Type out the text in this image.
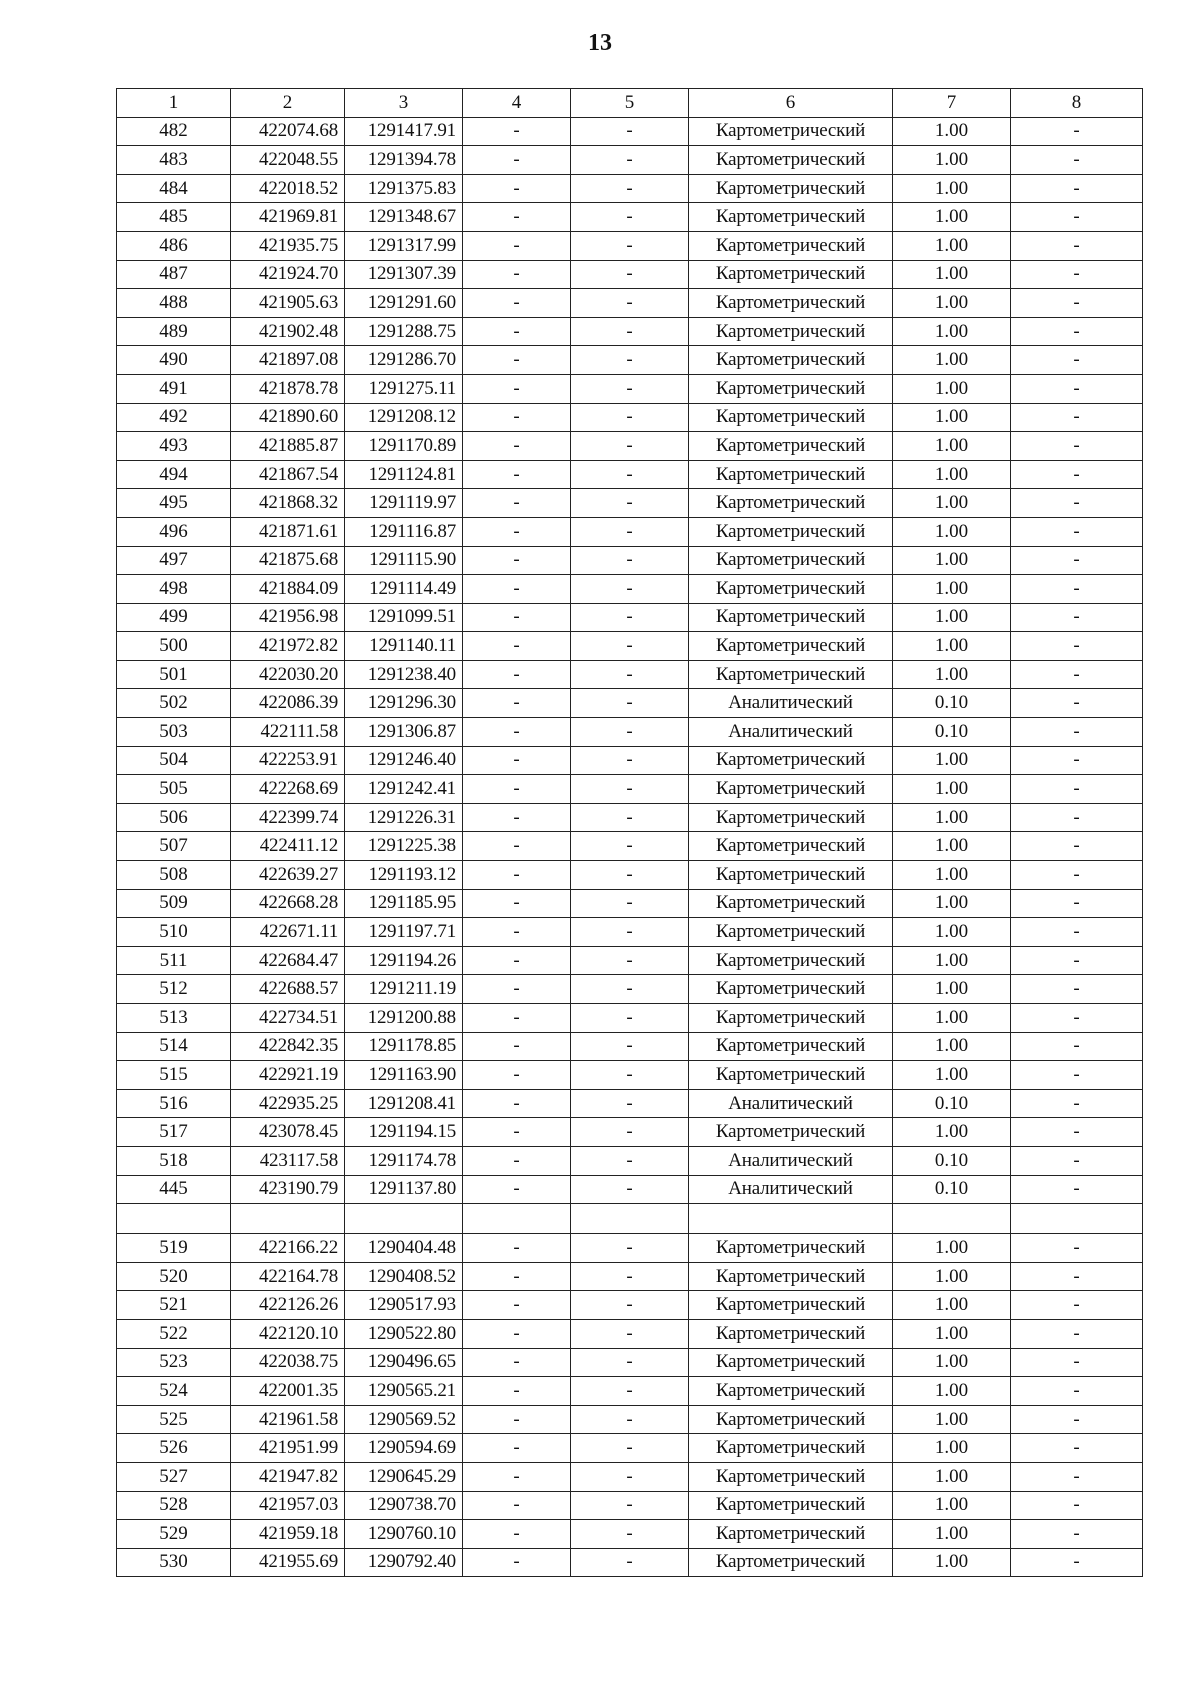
13
1	2	3	4	5	6	7	8
482	422074.68	1291417.91	-	-	Картометрический	1.00	-
483	422048.55	1291394.78	-	-	Картометрический	1.00	-
484	422018.52	1291375.83	-	-	Картометрический	1.00	-
485	421969.81	1291348.67	-	-	Картометрический	1.00	-
486	421935.75	1291317.99	-	-	Картометрический	1.00	-
487	421924.70	1291307.39	-	-	Картометрический	1.00	-
488	421905.63	1291291.60	-	-	Картометрический	1.00	-
489	421902.48	1291288.75	-	-	Картометрический	1.00	-
490	421897.08	1291286.70	-	-	Картометрический	1.00	-
491	421878.78	1291275.11	-	-	Картометрический	1.00	-
492	421890.60	1291208.12	-	-	Картометрический	1.00	-
493	421885.87	1291170.89	-	-	Картометрический	1.00	-
494	421867.54	1291124.81	-	-	Картометрический	1.00	-
495	421868.32	1291119.97	-	-	Картометрический	1.00	-
496	421871.61	1291116.87	-	-	Картометрический	1.00	-
497	421875.68	1291115.90	-	-	Картометрический	1.00	-
498	421884.09	1291114.49	-	-	Картометрический	1.00	-
499	421956.98	1291099.51	-	-	Картометрический	1.00	-
500	421972.82	1291140.11	-	-	Картометрический	1.00	-
501	422030.20	1291238.40	-	-	Картометрический	1.00	-
502	422086.39	1291296.30	-	-	Аналитический	0.10	-
503	422111.58	1291306.87	-	-	Аналитический	0.10	-
504	422253.91	1291246.40	-	-	Картометрический	1.00	-
505	422268.69	1291242.41	-	-	Картометрический	1.00	-
506	422399.74	1291226.31	-	-	Картометрический	1.00	-
507	422411.12	1291225.38	-	-	Картометрический	1.00	-
508	422639.27	1291193.12	-	-	Картометрический	1.00	-
509	422668.28	1291185.95	-	-	Картометрический	1.00	-
510	422671.11	1291197.71	-	-	Картометрический	1.00	-
511	422684.47	1291194.26	-	-	Картометрический	1.00	-
512	422688.57	1291211.19	-	-	Картометрический	1.00	-
513	422734.51	1291200.88	-	-	Картометрический	1.00	-
514	422842.35	1291178.85	-	-	Картометрический	1.00	-
515	422921.19	1291163.90	-	-	Картометрический	1.00	-
516	422935.25	1291208.41	-	-	Аналитический	0.10	-
517	423078.45	1291194.15	-	-	Картометрический	1.00	-
518	423117.58	1291174.78	-	-	Аналитический	0.10	-
445	423190.79	1291137.80	-	-	Аналитический	0.10	-

519	422166.22	1290404.48	-	-	Картометрический	1.00	-
520	422164.78	1290408.52	-	-	Картометрический	1.00	-
521	422126.26	1290517.93	-	-	Картометрический	1.00	-
522	422120.10	1290522.80	-	-	Картометрический	1.00	-
523	422038.75	1290496.65	-	-	Картометрический	1.00	-
524	422001.35	1290565.21	-	-	Картометрический	1.00	-
525	421961.58	1290569.52	-	-	Картометрический	1.00	-
526	421951.99	1290594.69	-	-	Картометрический	1.00	-
527	421947.82	1290645.29	-	-	Картометрический	1.00	-
528	421957.03	1290738.70	-	-	Картометрический	1.00	-
529	421959.18	1290760.10	-	-	Картометрический	1.00	-
530	421955.69	1290792.40	-	-	Картометрический	1.00	-
